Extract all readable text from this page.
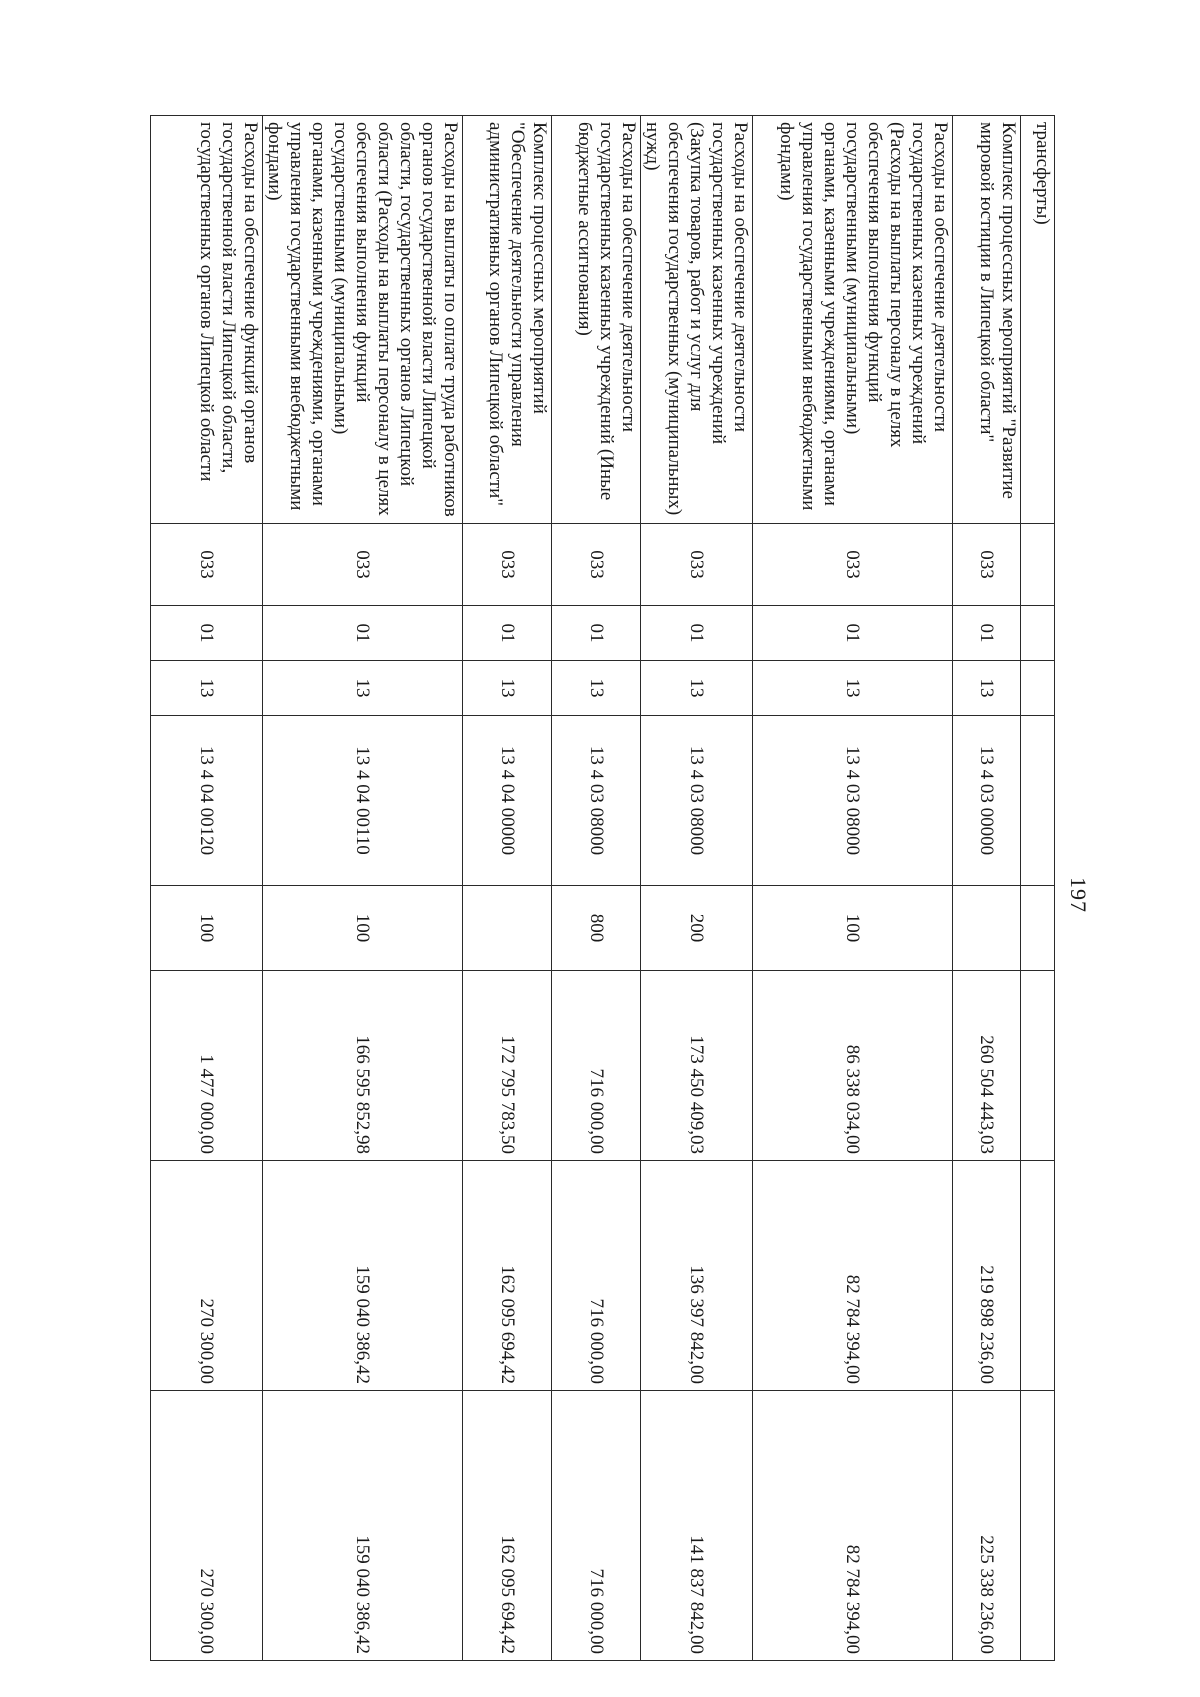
197
трансферты)								
Комплекс процессных мероприятий "Развитие мировой юстиции в Липецкой области"	033	01	13	13 4 03 00000		260 504 443,03	219 898 236,00	225 338 236,00
Расходы на обеспечение деятельности государственных казенных учреждений (Расходы на выплаты персоналу в целях обеспечения выполнения функций государственными (муниципальными) органами, казенными учреждениями, органами управления государственными внебюджетными фондами)	033	01	13	13 4 03 08000	100	86 338 034,00	82 784 394,00	82 784 394,00
Расходы на обеспечение деятельности государственных казенных учреждений (Закупка товаров, работ и услуг для обеспечения государственных (муниципальных) нужд)	033	01	13	13 4 03 08000	200	173 450 409,03	136 397 842,00	141 837 842,00
Расходы на обеспечение деятельности государственных казенных учреждений (Иные бюджетные ассигнования)	033	01	13	13 4 03 08000	800	716 000,00	716 000,00	716 000,00
Комплекс процессных мероприятий "Обеспечение деятельности управления административных органов Липецкой области"	033	01	13	13 4 04 00000		172 795 783,50	162 095 694,42	162 095 694,42
Расходы на выплаты по оплате труда работников органов государственной власти Липецкой области, государственных органов Липецкой области (Расходы на выплаты персоналу в целях обеспечения выполнения функций государственными (муниципальными) органами, казенными учреждениями, органами управления государственными внебюджетными фондами)	033	01	13	13 4 04 00110	100	166 595 852,98	159 040 386,42	159 040 386,42
Расходы на обеспечение функций органов государственной власти Липецкой области, государственных органов Липецкой области	033	01	13	13 4 04 00120	100	1 477 000,00	270 300,00	270 300,00
